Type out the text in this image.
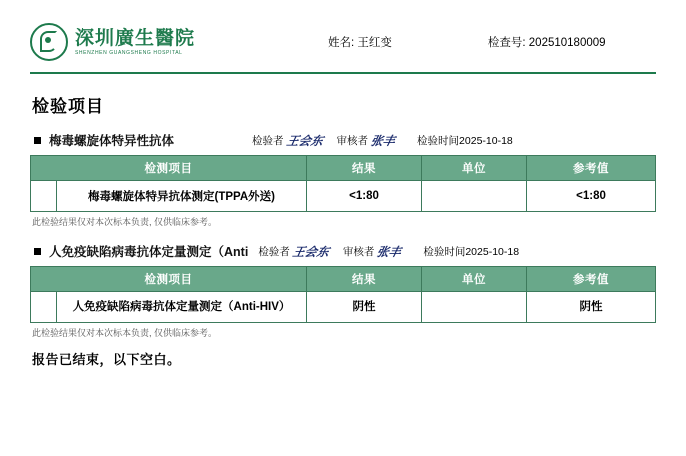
深圳廣生醫院
SHENZHEN GUANGSHENG HOSPITAL
姓名: 王红变	检查号: 202510180009
检验项目
梅毒螺旋体特异性抗体	检验者 王会东 审核者 张丰 检验时间2025-10-18
检测项目		结果	单位	参考值
	梅毒螺旋体特异抗体测定(TPPA外送)	<1:80		<1:80
此检验结果仅对本次标本负责, 仅供临床参考。
人免疫缺陷病毒抗体定量测定（Anti 检验者 王会东 审核者 张丰 检验时间2025-10-18
检测项目		结果	单位	参考值
	人免疫缺陷病毒抗体定量测定（Anti-HIV）	阴性		阴性
此检验结果仅对本次标本负责, 仅供临床参考。
报告已结束，以下空白。
